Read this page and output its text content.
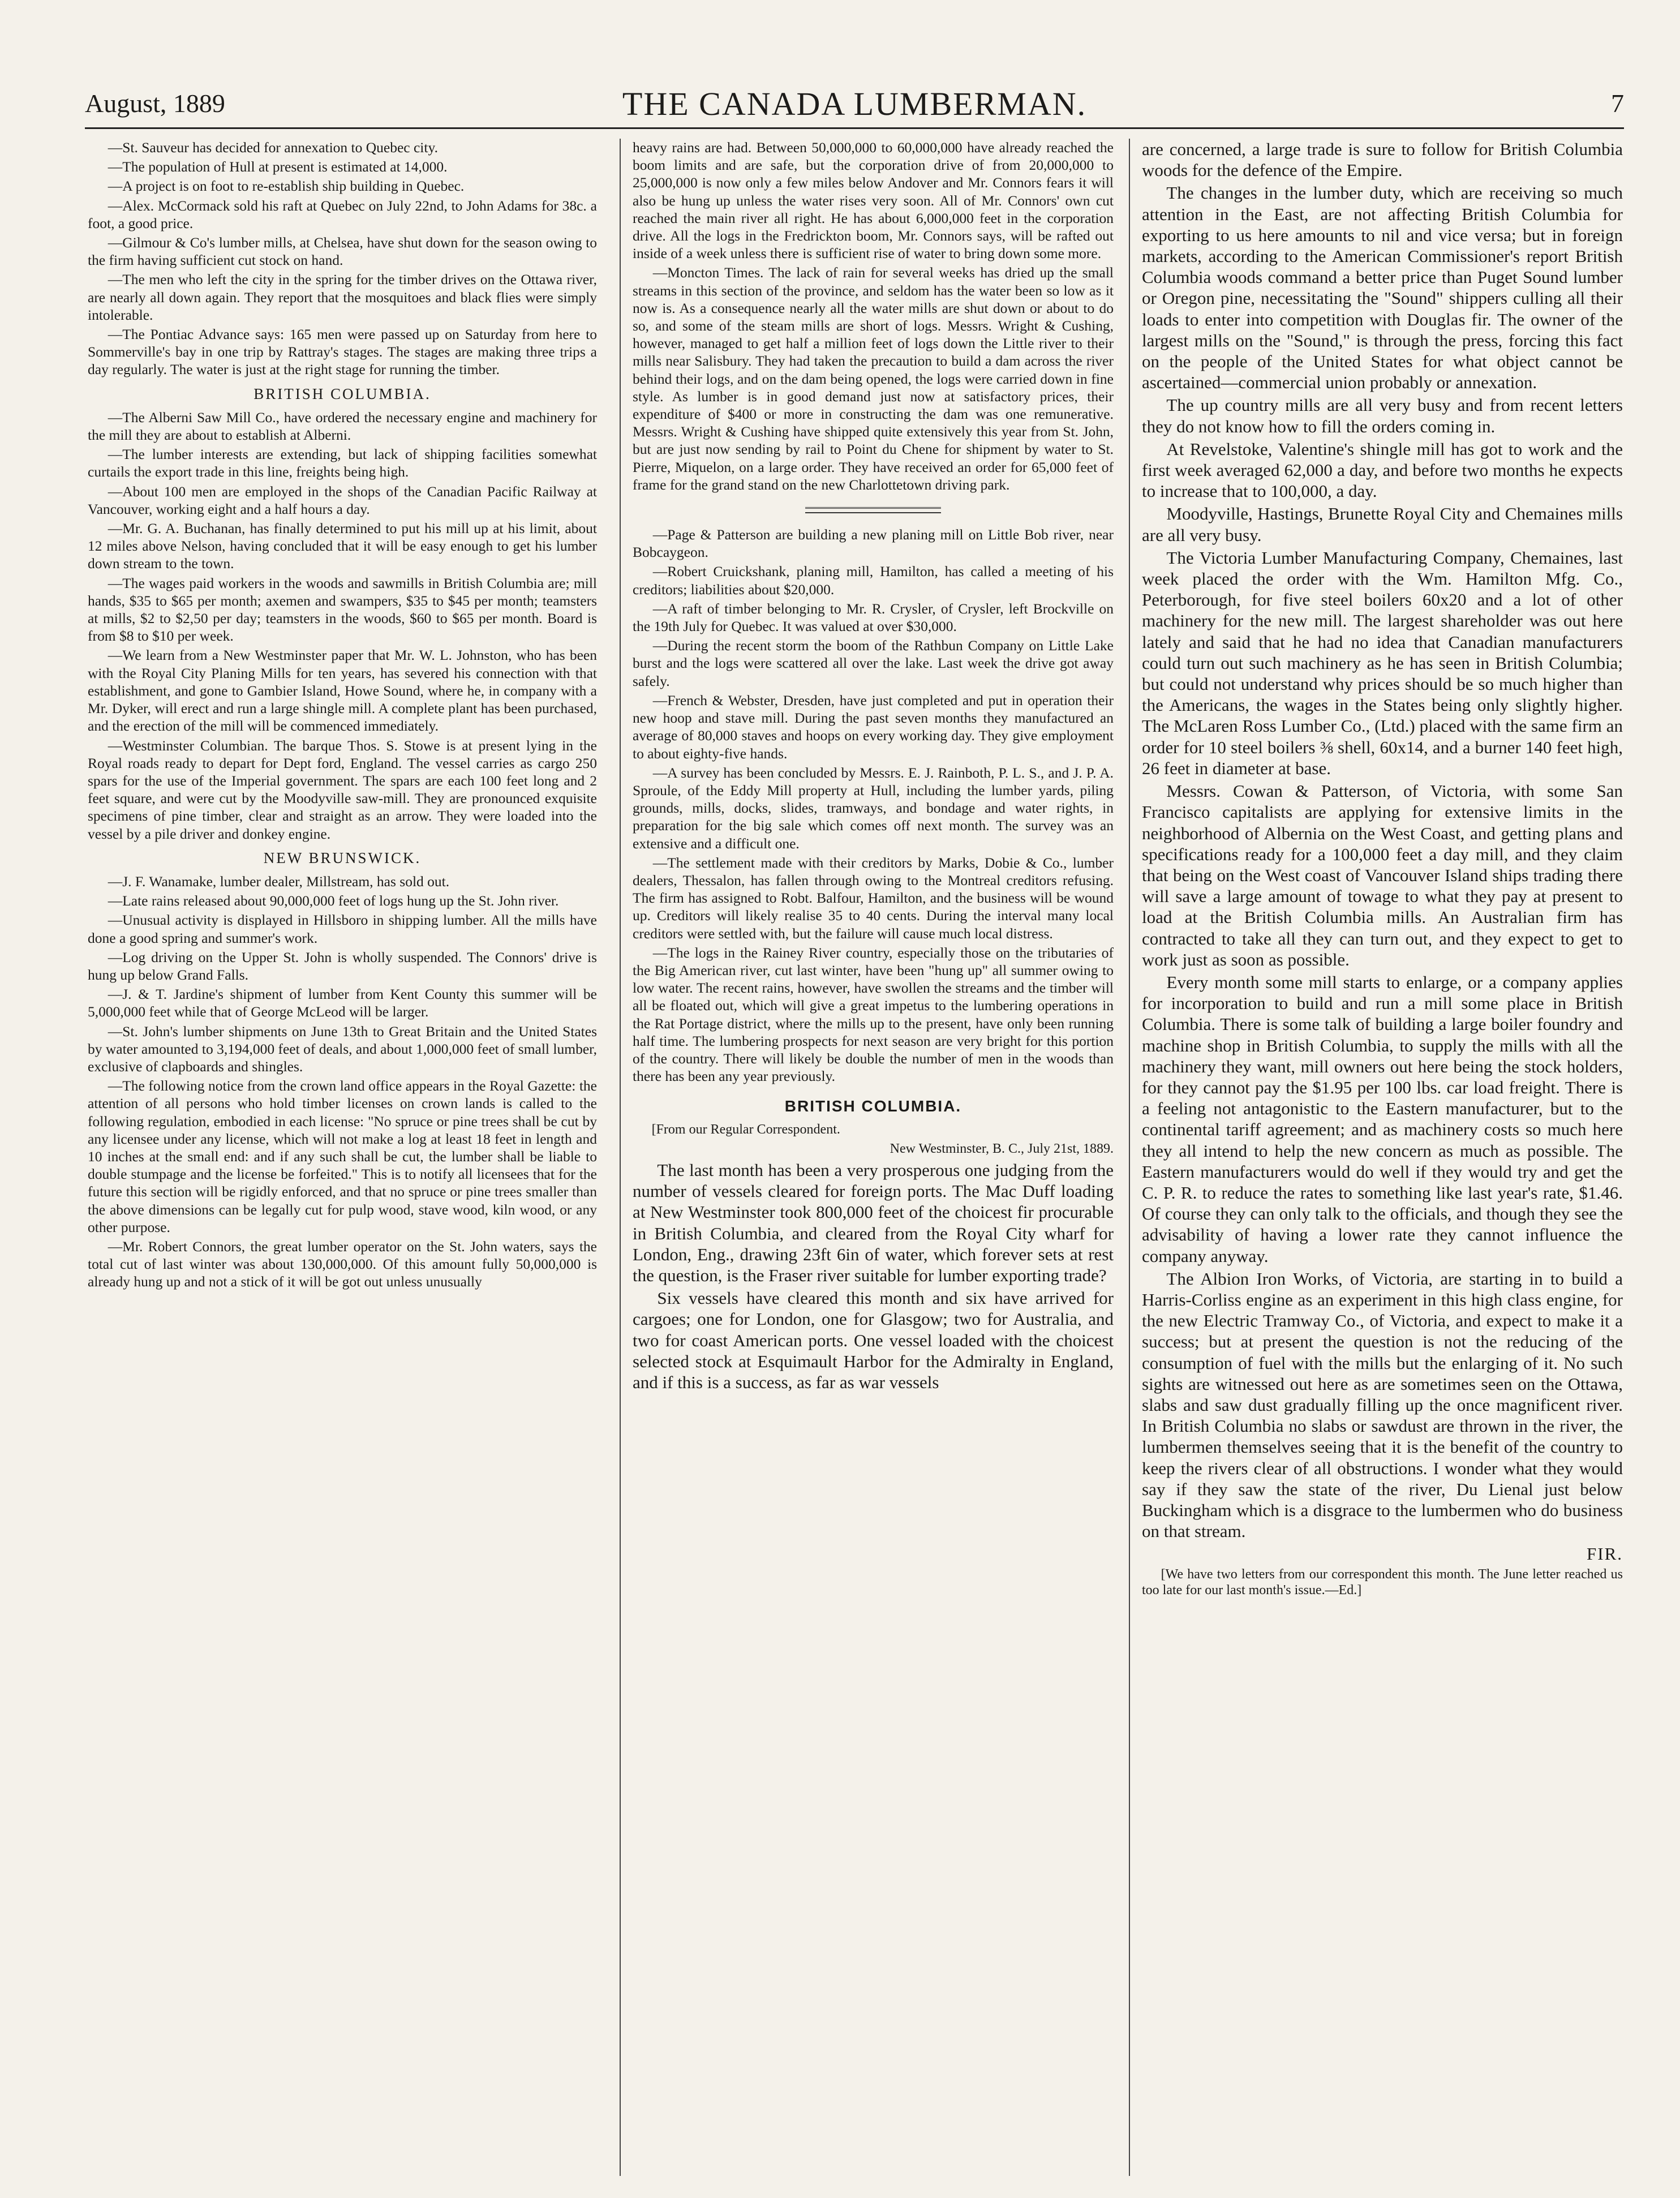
August, 1889	THE CANADA LUMBERMAN.	7

—St. Sauveur has decided for annexation to Quebec city.

—The population of Hull at present is estimated at 14,000.

—A project is on foot to re-establish ship building in Quebec.

—Alex. McCormack sold his raft at Quebec on July 22nd, to John Adams for 38c. a foot, a good price.

—Gilmour & Co's lumber mills, at Chelsea, have shut down for the season owing to the firm having sufficient cut stock on hand.

—The men who left the city in the spring for the timber drives on the Ottawa river, are nearly all down again. They report that the mosquitoes and black flies were simply intolerable.

—The Pontiac Advance says: 165 men were passed up on Saturday from here to Sommerville's bay in one trip by Rattray's stages. The stages are making three trips a day regularly. The water is just at the right stage for running the timber.

BRITISH COLUMBIA.

—The Alberni Saw Mill Co., have ordered the necessary engine and machinery for the mill they are about to establish at Alberni.

—The lumber interests are extending, but lack of shipping facilities somewhat curtails the export trade in this line, freights being high.

—About 100 men are employed in the shops of the Canadian Pacific Railway at Vancouver, working eight and a half hours a day.

—Mr. G. A. Buchanan, has finally determined to put his mill up at his limit, about 12 miles above Nelson, having concluded that it will be easy enough to get his lumber down stream to the town.

—The wages paid workers in the woods and sawmills in British Columbia are; mill hands, $35 to $65 per month; axemen and swampers, $35 to $45 per month; teamsters at mills, $2 to $2,50 per day; teamsters in the woods, $60 to $65 per month. Board is from $8 to $10 per week.

—We learn from a New Westminster paper that Mr. W. L. Johnston, who has been with the Royal City Planing Mills for ten years, has severed his connection with that establishment, and gone to Gambier Island, Howe Sound, where he, in company with a Mr. Dyker, will erect and run a large shingle mill. A complete plant has been purchased, and the erection of the mill will be commenced immediately.

—Westminster Columbian. The barque Thos. S. Stowe is at present lying in the Royal roads ready to depart for Dept ford, England. The vessel carries as cargo 250 spars for the use of the Imperial government. The spars are each 100 feet long and 2 feet square, and were cut by the Moodyville saw-mill. They are pronounced exquisite specimens of pine timber, clear and straight as an arrow. They were loaded into the vessel by a pile driver and donkey engine.

NEW BRUNSWICK.

—J. F. Wanamake, lumber dealer, Millstream, has sold out.

—Late rains released about 90,000,000 feet of logs hung up the St. John river.

—Unusual activity is displayed in Hillsboro in shipping lumber. All the mills have done a good spring and summer's work.

—Log driving on the Upper St. John is wholly suspended. The Connors' drive is hung up below Grand Falls.

—J. & T. Jardine's shipment of lumber from Kent County this summer will be 5,000,000 feet while that of George McLeod will be larger.

—St. John's lumber shipments on June 13th to Great Britain and the United States by water amounted to 3,194,000 feet of deals, and about 1,000,000 feet of small lumber, exclusive of clapboards and shingles.

—The following notice from the crown land office appears in the Royal Gazette: the attention of all persons who hold timber licenses on crown lands is called to the following regulation, embodied in each license: "No spruce or pine trees shall be cut by any licensee under any license, which will not make a log at least 18 feet in length and 10 inches at the small end: and if any such shall be cut, the lumber shall be liable to double stumpage and the license be forfeited." This is to notify all licensees that for the future this section will be rigidly enforced, and that no spruce or pine trees smaller than the above dimensions can be legally cut for pulp wood, stave wood, kiln wood, or any other purpose.

—Mr. Robert Connors, the great lumber operator on the St. John waters, says the total cut of last winter was about 130,000,000. Of this amount fully 50,000,000 is already hung up and not a stick of it will be got out unless unusually

heavy rains are had. Between 50,000,000 to 60,000,000 have already reached the boom limits and are safe, but the corporation drive of from 20,000,000 to 25,000,000 is now only a few miles below Andover and Mr. Connors fears it will also be hung up unless the water rises very soon. All of Mr. Connors' own cut reached the main river all right. He has about 6,000,000 feet in the corporation drive. All the logs in the Fredrickton boom, Mr. Connors says, will be rafted out inside of a week unless there is sufficient rise of water to bring down some more.

—Moncton Times. The lack of rain for several weeks has dried up the small streams in this section of the province, and seldom has the water been so low as it now is. As a consequence nearly all the water mills are shut down or about to do so, and some of the steam mills are short of logs. Messrs. Wright & Cushing, however, managed to get half a million feet of logs down the Little river to their mills near Salisbury. They had taken the precaution to build a dam across the river behind their logs, and on the dam being opened, the logs were carried down in fine style. As lumber is in good demand just now at satisfactory prices, their expenditure of $400 or more in constructing the dam was one remunerative. Messrs. Wright & Cushing have shipped quite extensively this year from St. John, but are just now sending by rail to Point du Chene for shipment by water to St. Pierre, Miquelon, on a large order. They have received an order for 65,000 feet of frame for the grand stand on the new Charlottetown driving park.

—Page & Patterson are building a new planing mill on Little Bob river, near Bobcaygeon.

—Robert Cruickshank, planing mill, Hamilton, has called a meeting of his creditors; liabilities about $20,000.

—A raft of timber belonging to Mr. R. Crysler, of Crysler, left Brockville on the 19th July for Quebec. It was valued at over $30,000.

—During the recent storm the boom of the Rathbun Company on Little Lake burst and the logs were scattered all over the lake. Last week the drive got away safely.

—French & Webster, Dresden, have just completed and put in operation their new hoop and stave mill. During the past seven months they manufactured an average of 80,000 staves and hoops on every working day. They give employment to about eighty-five hands.

—A survey has been concluded by Messrs. E. J. Rainboth, P. L. S., and J. P. A. Sproule, of the Eddy Mill property at Hull, including the lumber yards, piling grounds, mills, docks, slides, tramways, and bondage and water rights, in preparation for the big sale which comes off next month. The survey was an extensive and a difficult one.

—The settlement made with their creditors by Marks, Dobie & Co., lumber dealers, Thessalon, has fallen through owing to the Montreal creditors refusing. The firm has assigned to Robt. Balfour, Hamilton, and the business will be wound up. Creditors will likely realise 35 to 40 cents. During the interval many local creditors were settled with, but the failure will cause much local distress.

—The logs in the Rainey River country, especially those on the tributaries of the Big American river, cut last winter, have been "hung up" all summer owing to low water. The recent rains, however, have swollen the streams and the timber will all be floated out, which will give a great impetus to the lumbering operations in the Rat Portage district, where the mills up to the present, have only been running half time. The lumbering prospects for next season are very bright for this portion of the country. There will likely be double the number of men in the woods than there has been any year previously.

BRITISH COLUMBIA.

[From our Regular Correspondent.

New Westminster, B. C., July 21st, 1889.

The last month has been a very prosperous one judging from the number of vessels cleared for foreign ports. The Mac Duff loading at New Westminster took 800,000 feet of the choicest fir procurable in British Columbia, and cleared from the Royal City wharf for London, Eng., drawing 23ft 6in of water, which forever sets at rest the question, is the Fraser river suitable for lumber exporting trade?

Six vessels have cleared this month and six have arrived for cargoes; one for London, one for Glasgow; two for Australia, and two for coast American ports. One vessel loaded with the choicest selected stock at Esquimault Harbor for the Admiralty in England, and if this is a success, as far as war vessels

are concerned, a large trade is sure to follow for British Columbia woods for the defence of the Empire.

The changes in the lumber duty, which are receiving so much attention in the East, are not affecting British Columbia for exporting to us here amounts to nil and vice versa; but in foreign markets, according to the American Commissioner's report British Columbia woods command a better price than Puget Sound lumber or Oregon pine, necessitating the "Sound" shippers culling all their loads to enter into competition with Douglas fir. The owner of the largest mills on the "Sound," is through the press, forcing this fact on the people of the United States for what object cannot be ascertained—commercial union probably or annexation.

The up country mills are all very busy and from recent letters they do not know how to fill the orders coming in.

At Revelstoke, Valentine's shingle mill has got to work and the first week averaged 62,000 a day, and before two months he expects to increase that to 100,000, a day.

Moodyville, Hastings, Brunette Royal City and Chemaines mills are all very busy.

The Victoria Lumber Manufacturing Company, Chemaines, last week placed the order with the Wm. Hamilton Mfg. Co., Peterborough, for five steel boilers 60x20 and a lot of other machinery for the new mill. The largest shareholder was out here lately and said that he had no idea that Canadian manufacturers could turn out such machinery as he has seen in British Columbia; but could not understand why prices should be so much higher than the Americans, the wages in the States being only slightly higher. The McLaren Ross Lumber Co., (Ltd.) placed with the same firm an order for 10 steel boilers ⅜ shell, 60x14, and a burner 140 feet high, 26 feet in diameter at base.

Messrs. Cowan & Patterson, of Victoria, with some San Francisco capitalists are applying for extensive limits in the neighborhood of Albernia on the West Coast, and getting plans and specifications ready for a 100,000 feet a day mill, and they claim that being on the West coast of Vancouver Island ships trading there will save a large amount of towage to what they pay at present to load at the British Columbia mills. An Australian firm has contracted to take all they can turn out, and they expect to get to work just as soon as possible.

Every month some mill starts to enlarge, or a company applies for incorporation to build and run a mill some place in British Columbia. There is some talk of building a large boiler foundry and machine shop in British Columbia, to supply the mills with all the machinery they want, mill owners out here being the stock holders, for they cannot pay the $1.95 per 100 lbs. car load freight. There is a feeling not antagonistic to the Eastern manufacturer, but to the continental tariff agreement; and as machinery costs so much here they all intend to help the new concern as much as possible. The Eastern manufacturers would do well if they would try and get the C. P. R. to reduce the rates to something like last year's rate, $1.46. Of course they can only talk to the officials, and though they see the advisability of having a lower rate they cannot influence the company anyway.

The Albion Iron Works, of Victoria, are starting in to build a Harris-Corliss engine as an experiment in this high class engine, for the new Electric Tramway Co., of Victoria, and expect to make it a success; but at present the question is not the reducing of the consumption of fuel with the mills but the enlarging of it. No such sights are witnessed out here as are sometimes seen on the Ottawa, slabs and saw dust gradually filling up the once magnificent river. In British Columbia no slabs or sawdust are thrown in the river, the lumbermen themselves seeing that it is the benefit of the country to keep the rivers clear of all obstructions. I wonder what they would say if they saw the state of the river, Du Lienal just below Buckingham which is a disgrace to the lumbermen who do business on that stream.

FIR.

[We have two letters from our correspondent this month. The June letter reached us too late for our last month's issue.—Ed.]
